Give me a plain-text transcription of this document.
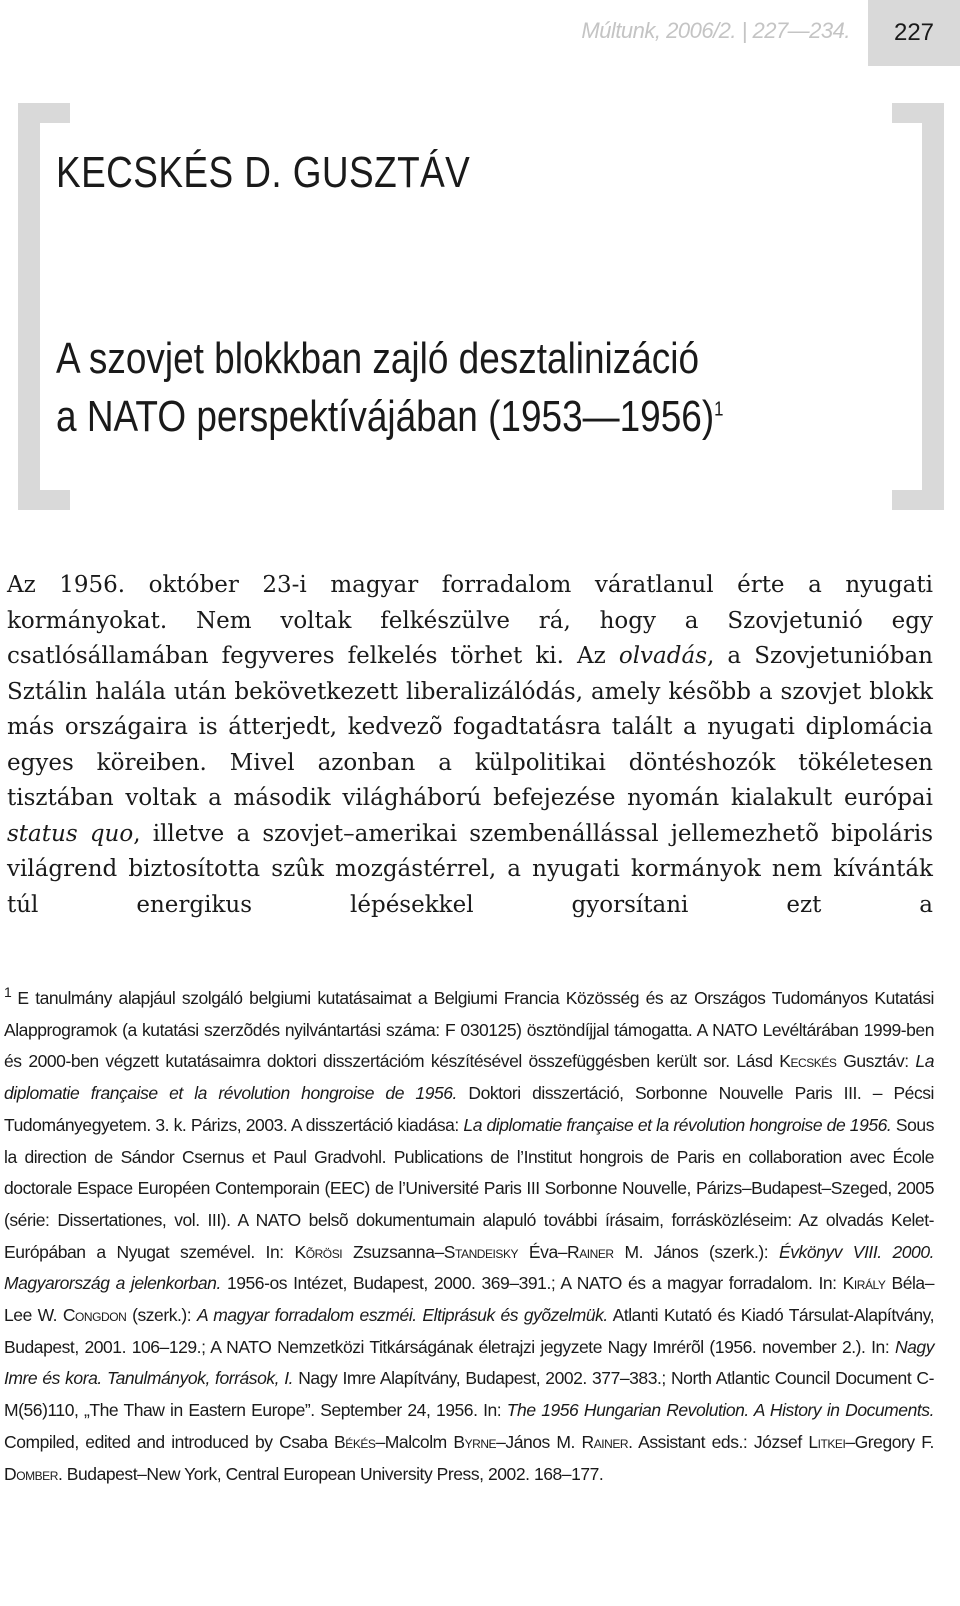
Múltunk, 2006/2. | 227—234. 227
KECSKÉS D. GUSZTÁV
A szovjet blokkban zajló desztalinizáció
a NATO perspektívájában (1953—1956)$^1$

Az 1956. október 23-i magyar forradalom váratlanul érte a nyugati kormányokat. Nem voltak felkészülve rá, hogy a Szovjetunió egy csatlósállamában fegyveres felkelés törhet ki. Az olvadás, a Szovjetunióban Sztálin halála után bekövetkezett liberalizálódás, amely késõbb a szovjet blokk más országaira is átterjedt, kedvezõ fogadtatásra talált a nyugati diplomácia egyes köreiben. Mivel azonban a külpolitikai döntéshozók tökéletesen tisztában voltak a második világháború befejezése nyomán kialakult európai status quo, illetve a szovjet–amerikai szembenállással jellemezhetõ bipoláris világrend biztosította szûk mozgástérrel, a nyugati kormányok nem kívánták túl energikus lépésekkel gyorsítani ezt a

$^1$ E tanulmány alapjául szolgáló belgiumi kutatásaimat a Belgiumi Francia Közösség és az Országos Tudományos Kutatási Alapprogramok (a kutatási szerzõdés nyilvántartási száma: F 030125) ösztöndíjjal támogatta. A NATO Levéltárában 1999-ben és 2000-ben végzett kutatásaimra doktori disszertációm készítésével összefüggésben került sor. Lásd Kecskés Gusztáv: La diplomatie française et la révolution hongroise de 1956. Doktori disszertáció, Sorbonne Nouvelle Paris III. – Pécsi Tudományegyetem. 3. k. Párizs, 2003. A disszertáció kiadása: La diplomatie française et la révolution hongroise de 1956. Sous la direction de Sándor Csernus et Paul Gradvohl. Publications de l’Institut hongrois de Paris en collaboration avec École doctorale Espace Européen Contemporain (EEC) de l’Université Paris III Sorbonne Nouvelle, Párizs–Budapest–Szeged, 2005 (série: Dissertationes, vol. III). A NATO belsõ dokumentumain alapuló további írásaim, forrásközléseim: Az olvadás Kelet-Európában a Nyugat szemével. In: Kõrösi Zsuzsanna–Standeisky Éva–Rainer M. János (szerk.): Évkönyv VIII. 2000. Magyarország a jelenkorban. 1956-os Intézet, Budapest, 2000. 369–391.; A NATO és a magyar forradalom. In: Király Béla–Lee W. Congdon (szerk.): A magyar forradalom eszméi. Eltiprásuk és gyõzelmük. Atlanti Kutató és Kiadó Társulat-Alapítvány, Budapest, 2001. 106–129.; A NATO Nemzetközi Titkárságának életrajzi jegyzete Nagy Imrérõl (1956. november 2.). In: Nagy Imre és kora. Tanulmányok, források, I. Nagy Imre Alapítvány, Budapest, 2002. 377–383.; North Atlantic Council Document C-M(56)110, „The Thaw in Eastern Europe”. September 24, 1956. In: The 1956 Hungarian Revolution. A History in Documents. Compiled, edited and introduced by Csaba Békés–Malcolm Byrne–János M. Rainer. Assistant eds.: József Litkei–Gregory F. Domber. Budapest–New York, Central European University Press, 2002. 168–177.
